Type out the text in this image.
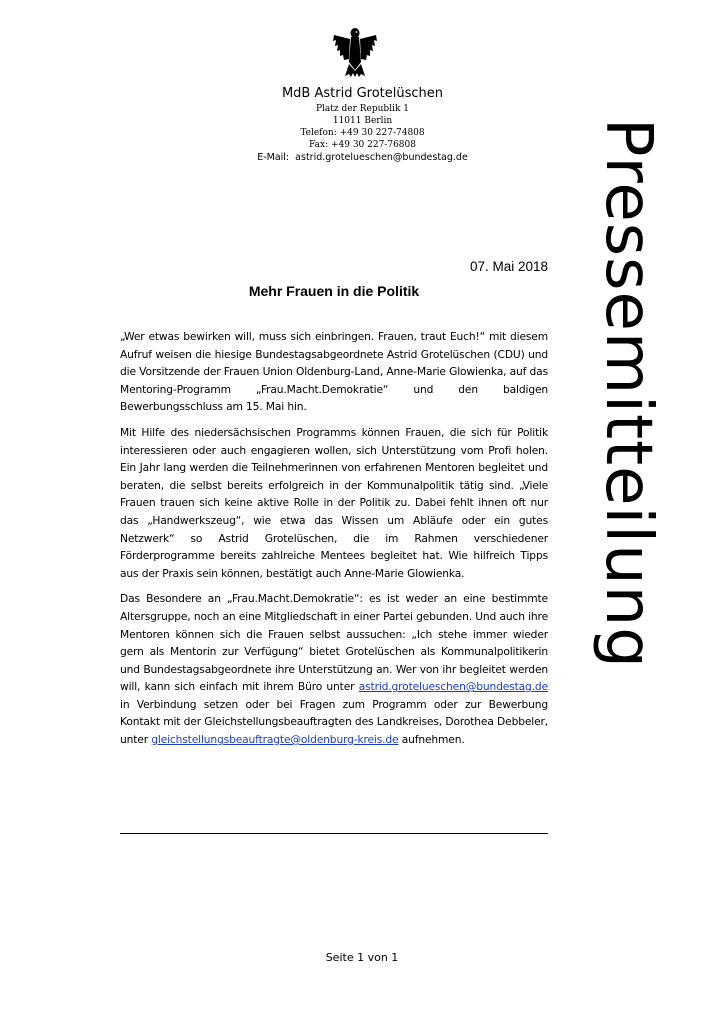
MdB Astrid Grotelüschen
Platz der Republik 1
11011 Berlin
Telefon: +49 30 227-74808
Fax: +49 30 227-76808
E-Mail: astrid.grotelueschen@bundestag.de	Pressemitteilung
07. Mai 2018
Mehr Frauen in die Politik

„Wer etwas bewirken will, muss sich einbringen. Frauen, traut Euch!“ mit diesem Aufruf weisen die hiesige Bundestagsabgeordnete Astrid Grotelüschen (CDU) und die Vorsitzende der Frauen Union Oldenburg-Land, Anne-Marie Glowienka, auf das Mentoring-Programm „Frau.Macht.Demokratie“ und den baldigen Bewerbungsschluss am 15. Mai hin.

Mit Hilfe des niedersächsischen Programms können Frauen, die sich für Politik interessieren oder auch engagieren wollen, sich Unterstützung vom Profi holen. Ein Jahr lang werden die Teilnehmerinnen von erfahrenen Mentoren begleitet und beraten, die selbst bereits erfolgreich in der Kommunalpolitik tätig sind. „Viele Frauen trauen sich keine aktive Rolle in der Politik zu. Dabei fehlt ihnen oft nur das „Handwerkszeug“, wie etwa das Wissen um Abläufe oder ein gutes Netzwerk“ so Astrid Grotelüschen, die im Rahmen verschiedener Förderprogramme bereits zahlreiche Mentees begleitet hat. Wie hilfreich Tipps aus der Praxis sein können, bestätigt auch Anne-Marie Glowienka.

Das Besondere an „Frau.Macht.Demokratie“: es ist weder an eine bestimmte Altersgruppe, noch an eine Mitgliedschaft in einer Partei gebunden. Und auch ihre Mentoren können sich die Frauen selbst aussuchen: „Ich stehe immer wieder gern als Mentorin zur Verfügung“ bietet Grotelüschen als Kommunalpolitikerin und Bundestagsabgeordnete ihre Unterstützung an. Wer von ihr begleitet werden will, kann sich einfach mit ihrem Büro unter astrid.grotelueschen@bundestag.de in Verbindung setzen oder bei Fragen zum Programm oder zur Bewerbung Kontakt mit der Gleichstellungsbeauftragten des Landkreises, Dorothea Debbeler, unter gleichstellungsbeauftragte@oldenburg-kreis.de aufnehmen.

Seite 1 von 1
